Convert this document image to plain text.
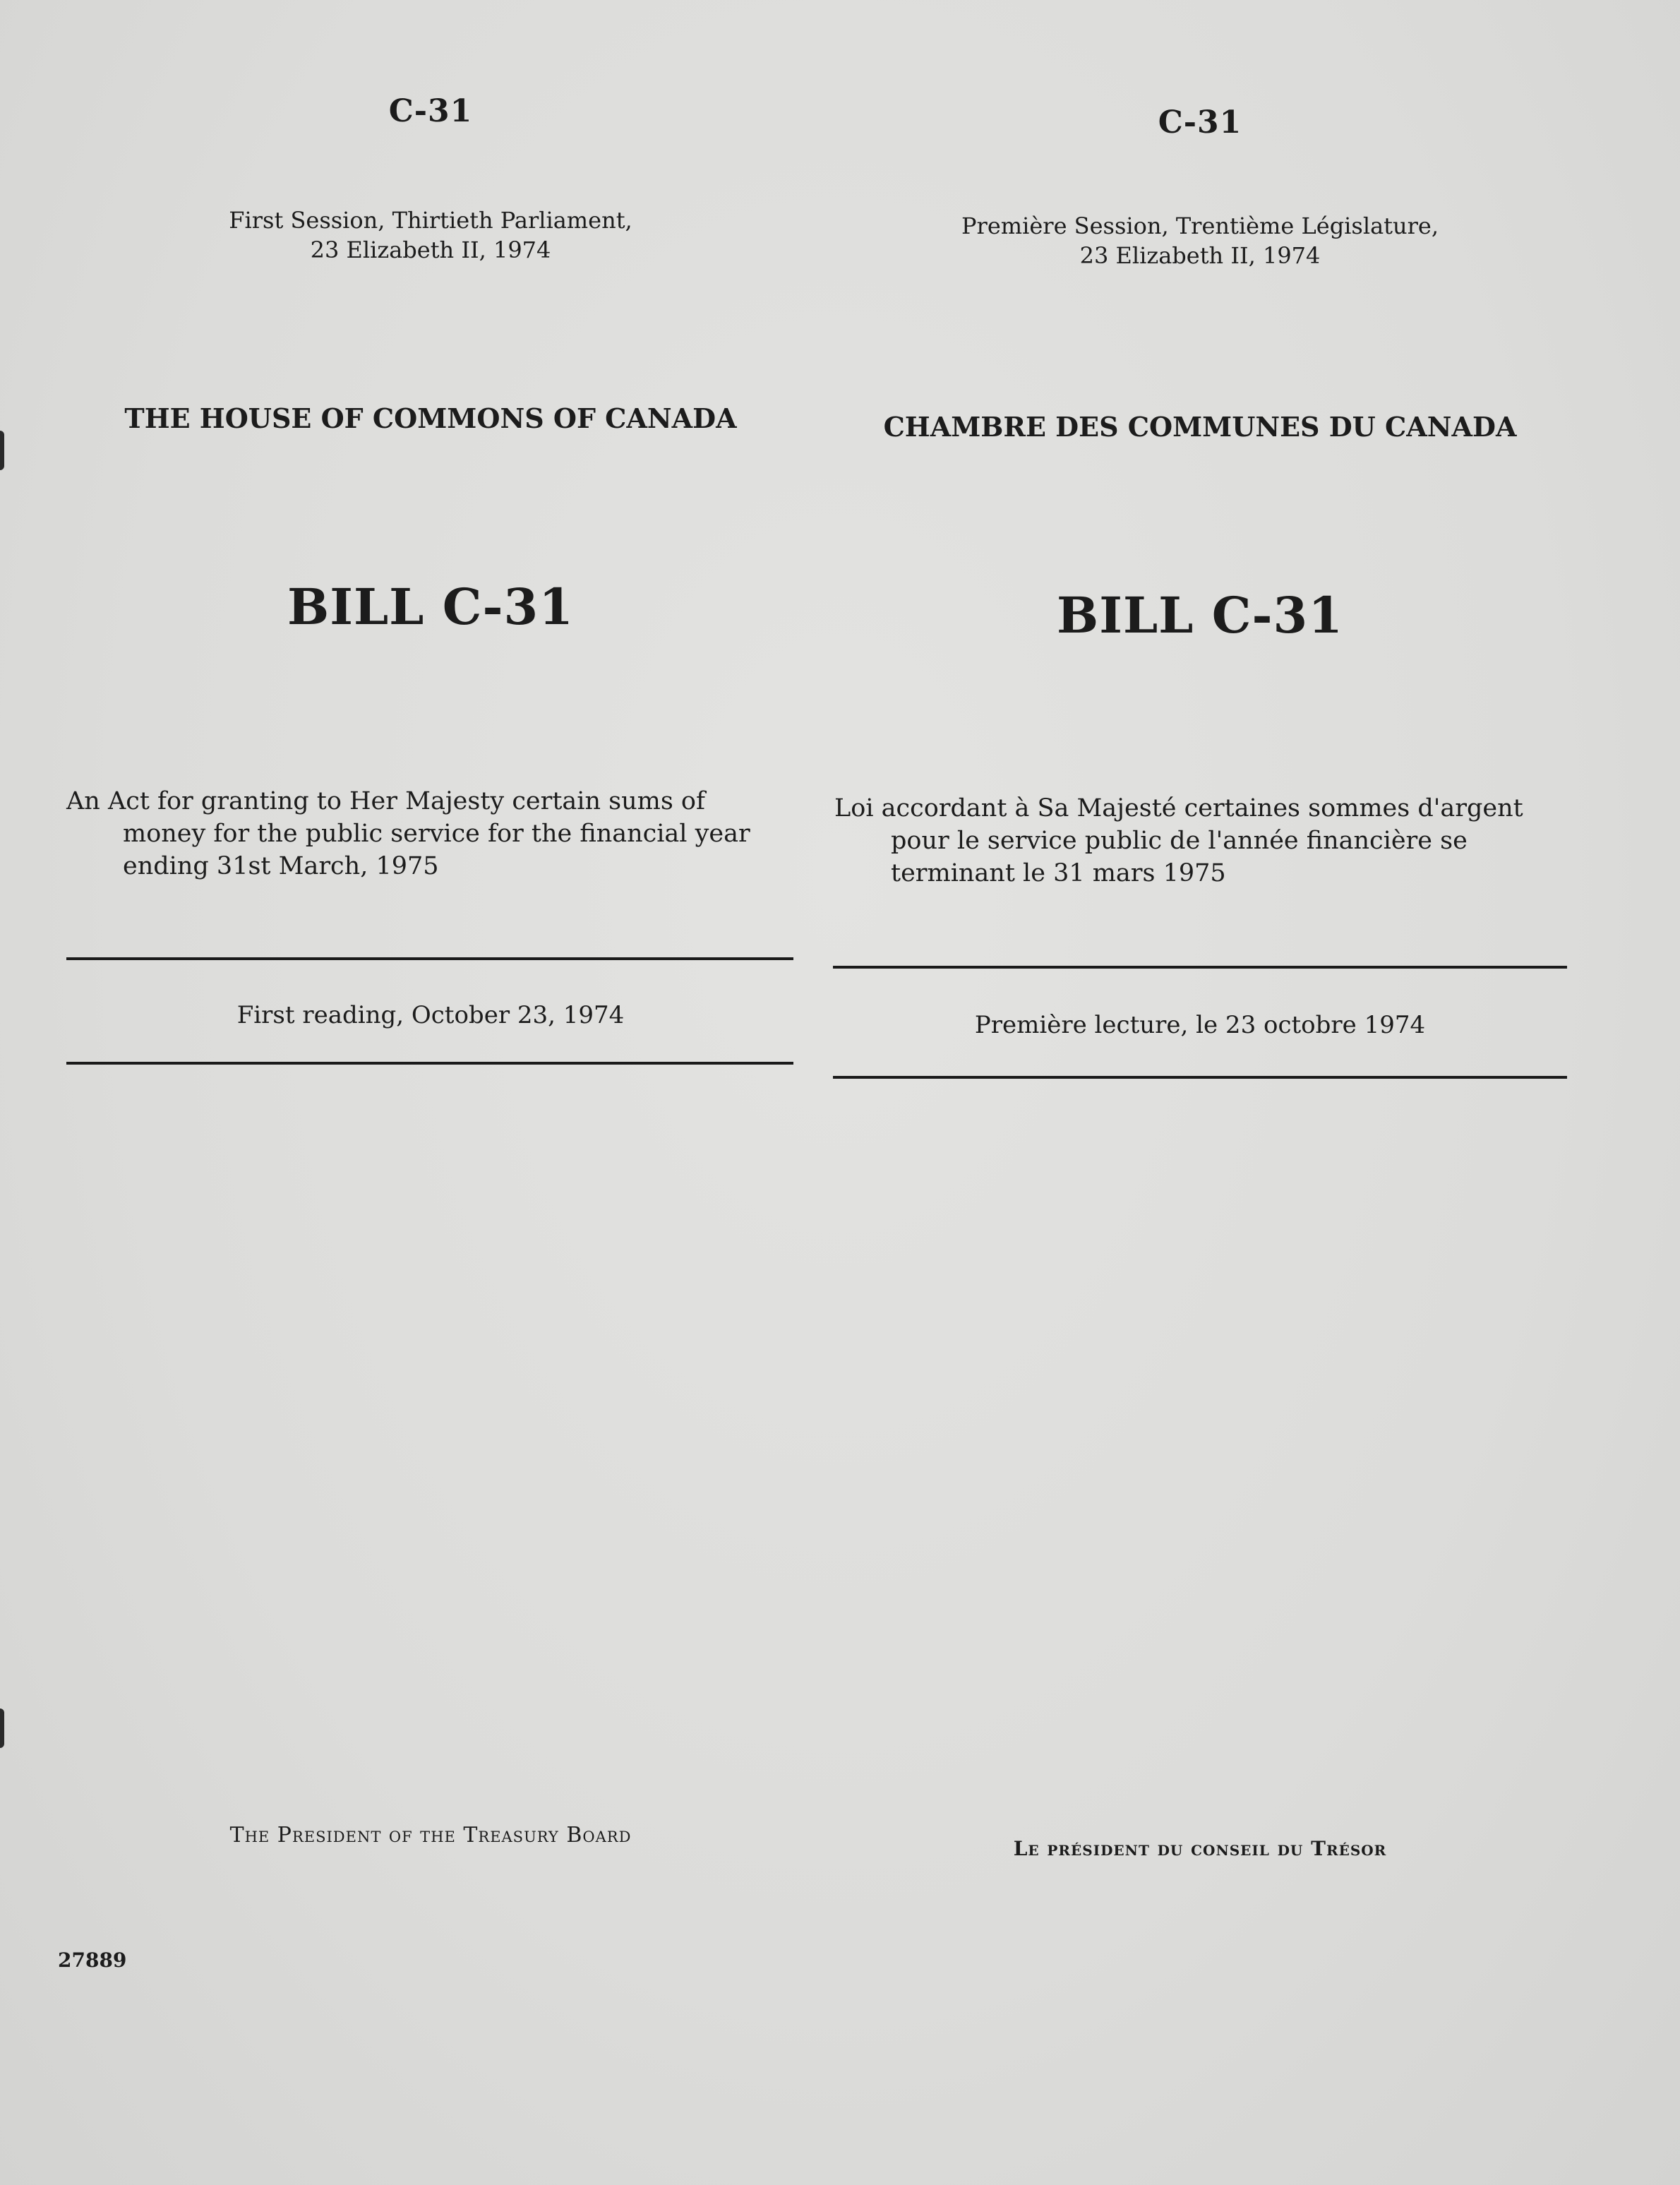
C-31
First Session, Thirtieth Parliament,
23 Elizabeth II, 1974
THE HOUSE OF COMMONS OF CANADA
BILL C-31
An Act for granting to Her Majesty certain sums of
money for the public service for the financial year
ending 31st March, 1975
First reading, October 23, 1974
The President of the Treasury Board
C-31
Première Session, Trentième Législature,
23 Elizabeth II, 1974
CHAMBRE DES COMMUNES DU CANADA
BILL C-31
Loi accordant à Sa Majesté certaines sommes d'argent
pour le service public de l'année financière se
terminant le 31 mars 1975
Première lecture, le 23 octobre 1974
Le président du conseil du Trésor
27889
